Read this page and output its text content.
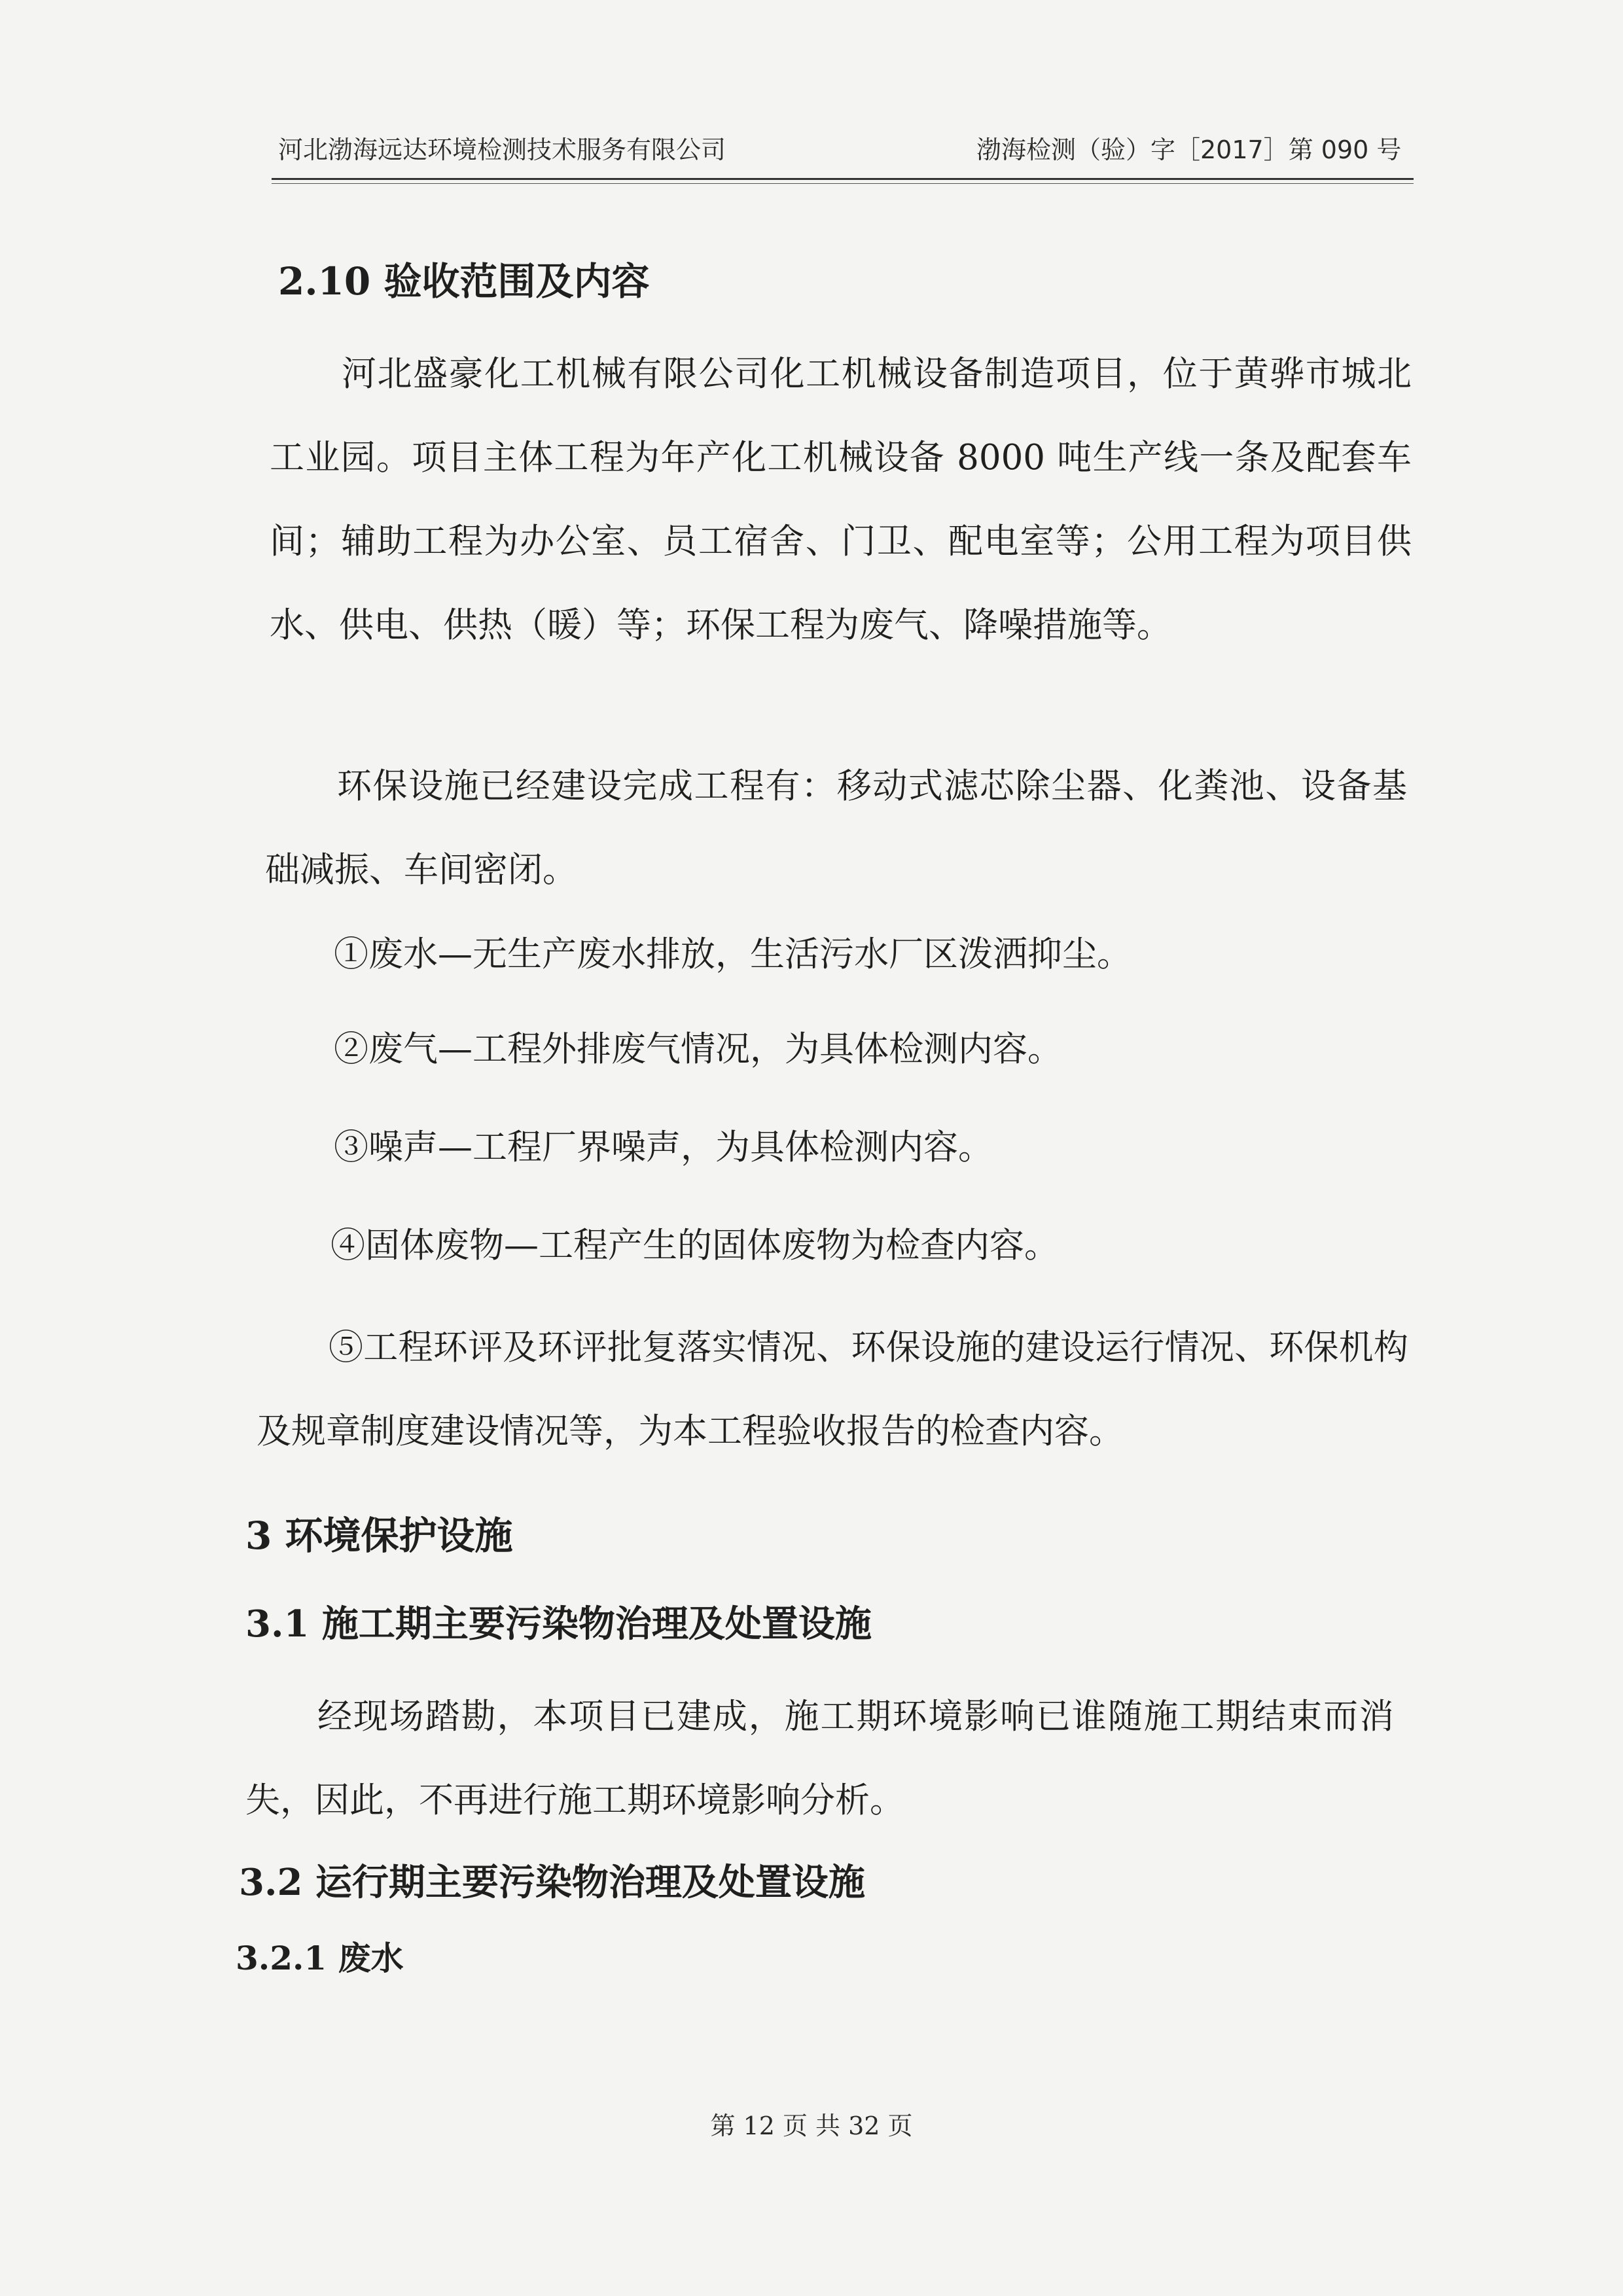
河北渤海远达环境检测技术服务有限公司	渤海检测（验）字［2017］第 090 号
2.10 验收范围及内容

河北盛豪化工机械有限公司化工机械设备制造项目，位于黄骅市城北工业园。项目主体工程为年产化工机械设备 8000 吨生产线一条及配套车间；辅助工程为办公室、员工宿舍、门卫、配电室等；公用工程为项目供水、供电、供热（暖）等；环保工程为废气、降噪措施等。

环保设施已经建设完成工程有：移动式滤芯除尘器、化粪池、设备基础减振、车间密闭。

①废水—无生产废水排放，生活污水厂区泼洒抑尘。

②废气—工程外排废气情况，为具体检测内容。

③噪声—工程厂界噪声，为具体检测内容。

④固体废物—工程产生的固体废物为检查内容。

⑤工程环评及环评批复落实情况、环保设施的建设运行情况、环保机构及规章制度建设情况等，为本工程验收报告的检查内容。

3 环境保护设施
3.1 施工期主要污染物治理及处置设施

经现场踏勘，本项目已建成，施工期环境影响已谁随施工期结束而消失，因此，不再进行施工期环境影响分析。

3.2 运行期主要污染物治理及处置设施
3.2.1 废水
第 12 页 共 32 页
